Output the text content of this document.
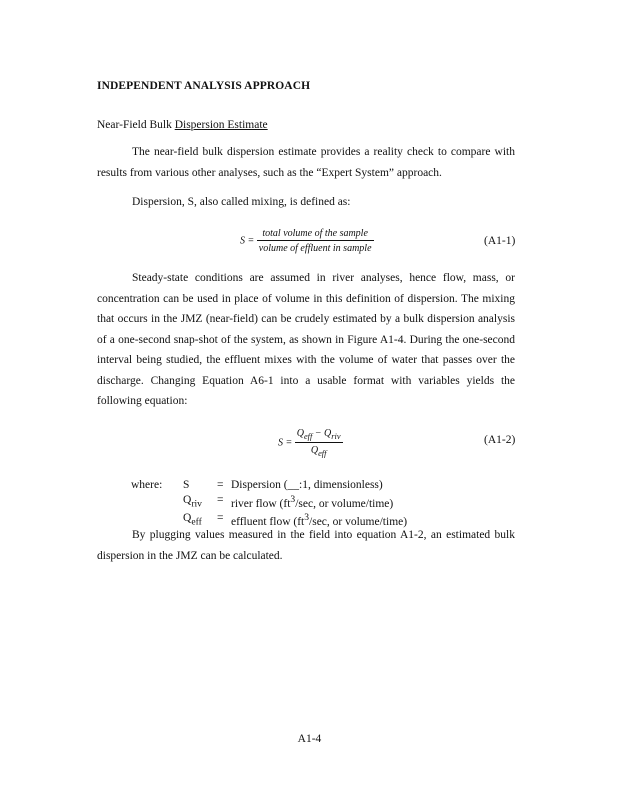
INDEPENDENT ANALYSIS APPROACH
Near-Field Bulk Dispersion Estimate
The near-field bulk dispersion estimate provides a reality check to compare with results from various other analyses, such as the “Expert System” approach.
Dispersion, S, also called mixing, is defined as:
$S = \frac{\text{total volume of the sample}}{\text{volume of effluent in sample}}$	(A1-1)
Steady-state conditions are assumed in river analyses, hence flow, mass, or concentration can be used in place of volume in this definition of dispersion. The mixing that occurs in the JMZ (near-field) can be crudely estimated by a bulk dispersion analysis of a one-second snap-shot of the system, as shown in Figure A1-4. During the one-second interval being studied, the effluent mixes with the volume of water that passes over the discharge. Changing Equation A6-1 into a usable format with variables yields the following equation:
$S = \frac{Q_{eff} - Q_{riv}}{Q_{eff}}$	(A1-2)
where:	S	=	Dispersion (__:1, dimensionless)
	$Q_{riv}$	=	river flow ($ft^3/\sec$, or volume/time)
	$Q_{eff}$	=	effluent flow ($ft^3/\sec$, or volume/time)
By plugging values measured in the field into equation A1-2, an estimated bulk dispersion in the JMZ can be calculated.
A1-4
